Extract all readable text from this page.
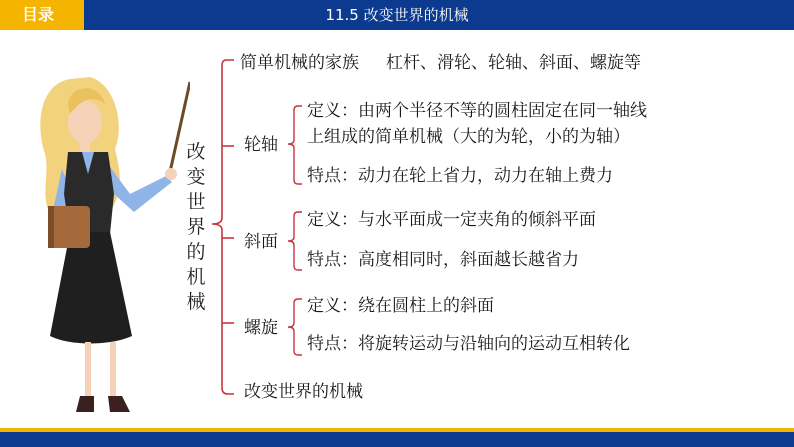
目录	11.5 改变世界的机械
改
变
世
界
的
机
械
简单机械的家族     杠杆、滑轮、轮轴、斜面、螺旋等
轮轴
定义：由两个半径不等的圆柱固定在同一轴线
上组成的简单机械（大的为轮，小的为轴）
特点：动力在轮上省力，动力在轴上费力
斜面
定义：与水平面成一定夹角的倾斜平面
特点：高度相同时，斜面越长越省力
螺旋
定义：绕在圆柱上的斜面
特点：将旋转运动与沿轴向的运动互相转化
改变世界的机械
